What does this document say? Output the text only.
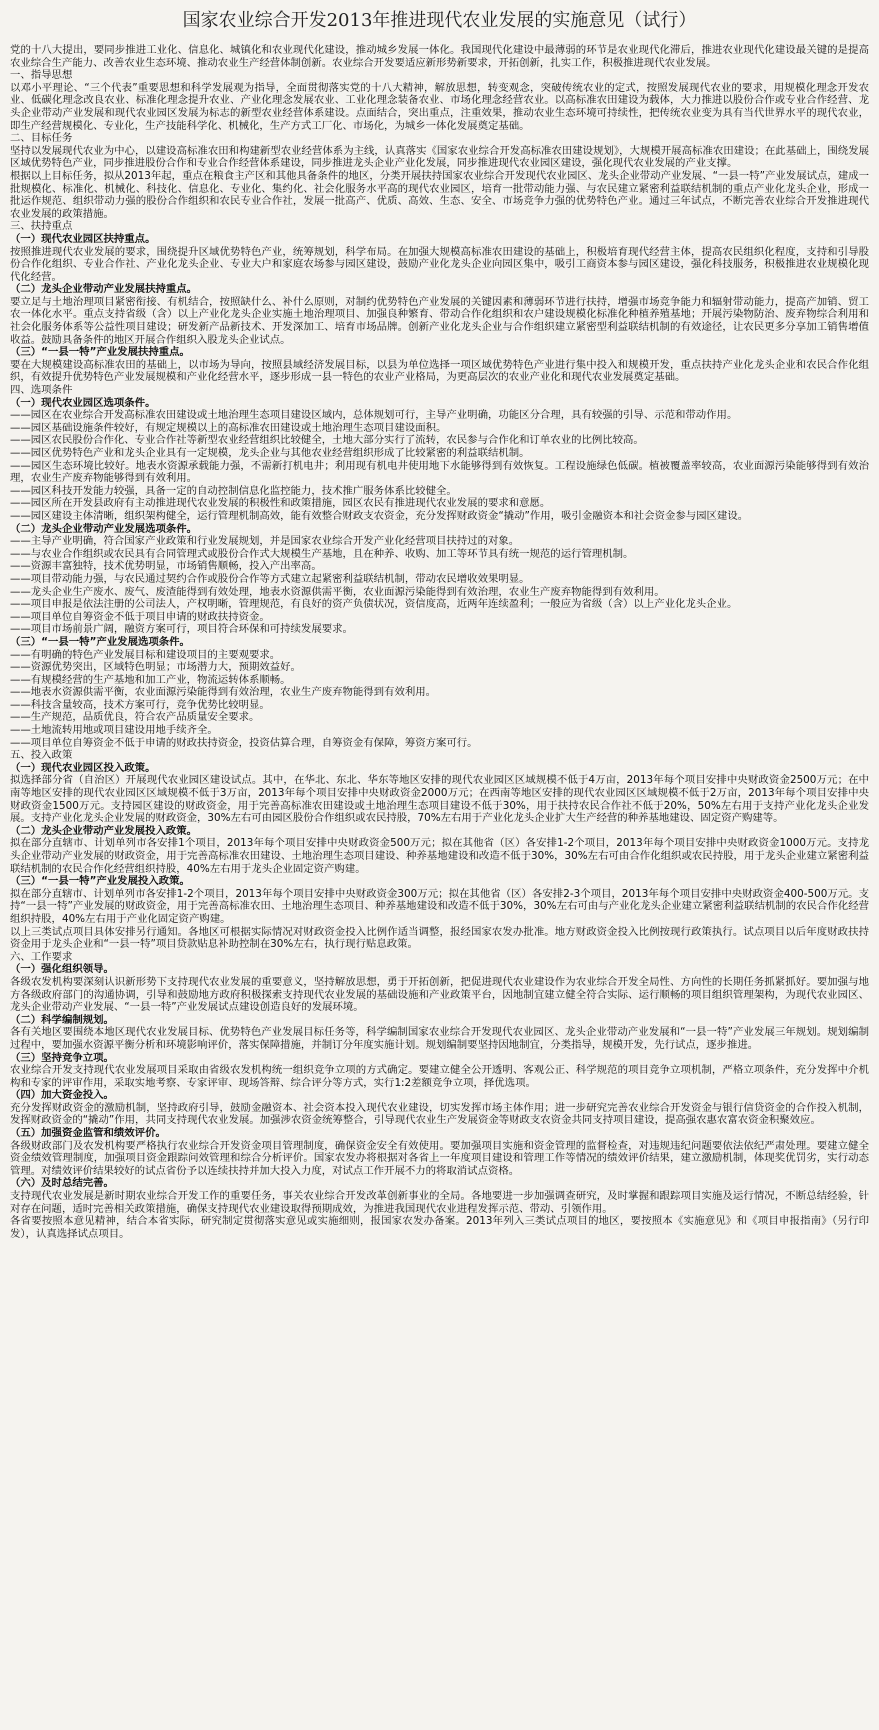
国家农业综合开发2013年推进现代农业发展的实施意见（试行）

党的十八大提出，要同步推进工业化、信息化、城镇化和农业现代化建设，推动城乡发展一体化。我国现代化建设中最薄弱的环节是农业现代化滞后，推进农业现代化建设最关键的是提高农业综合生产能力、改善农业生态环境、推动农业生产经营体制创新。农业综合开发要适应新形势新要求，开拓创新，扎实工作，积极推进现代农业发展。

一、指导思想

以邓小平理论、“三个代表”重要思想和科学发展观为指导，全面贯彻落实党的十八大精神，解放思想，转变观念，突破传统农业的定式，按照发展现代农业的要求，用规模化理念开发农业、低碳化理念改良农业、标准化理念提升农业、产业化理念发展农业、工业化理念装备农业、市场化理念经营农业。以高标准农田建设为载体，大力推进以股份合作或专业合作经营、龙头企业带动产业发展和现代农业园区发展为标志的新型农业经营体系建设。点面结合，突出重点，注重效果，推动农业生态环境可持续性，把传统农业变为具有当代世界水平的现代农业，即生产经营规模化、专业化，生产技能科学化、机械化，生产方式工厂化、市场化，为城乡一体化发展奠定基础。

二、目标任务

坚持以发展现代农业为中心，以建设高标准农田和构建新型农业经营体系为主线，认真落实《国家农业综合开发高标准农田建设规划》，大规模开展高标准农田建设；在此基础上，围绕发展区域优势特色产业，同步推进股份合作和专业合作经营体系建设，同步推进龙头企业产业化发展，同步推进现代农业园区建设，强化现代农业发展的产业支撑。

根据以上目标任务，拟从2013年起，重点在粮食主产区和其他具备条件的地区，分类开展扶持国家农业综合开发现代农业园区、龙头企业带动产业发展、“一县一特”产业发展试点，建成一批规模化、标准化、机械化、科技化、信息化、专业化、集约化、社会化服务水平高的现代农业园区，培育一批带动能力强、与农民建立紧密利益联结机制的重点产业化龙头企业，形成一批运作规范、组织带动力强的股份合作组织和农民专业合作社，发展一批高产、优质、高效、生态、安全、市场竞争力强的优势特色产业。通过三年试点，不断完善农业综合开发推进现代农业发展的政策措施。

三、扶持重点

（一）现代农业园区扶持重点。

按照推进现代农业发展的要求，围绕提升区域优势特色产业，统筹规划，科学布局。在加强大规模高标准农田建设的基础上，积极培育现代经营主体，提高农民组织化程度，支持和引导股份合作化组织、专业合作社、产业化龙头企业、专业大户和家庭农场参与园区建设，鼓励产业化龙头企业向园区集中，吸引工商资本参与园区建设，强化科技服务，积极推进农业规模化现代化经营。

（二）龙头企业带动产业发展扶持重点。

要立足与土地治理项目紧密衔接、有机结合，按照缺什么、补什么原则，对制约优势特色产业发展的关键因素和薄弱环节进行扶持，增强市场竞争能力和辐射带动能力，提高产加销、贸工农一体化水平。重点支持省级（含）以上产业化龙头企业实施土地治理项目、加强良种繁育、带动合作化组织和农户建设规模化标准化种植养殖基地；开展污染物防治、废弃物综合利用和社会化服务体系等公益性项目建设；研发新产品新技术、开发深加工、培育市场品牌。创新产业化龙头企业与合作组织建立紧密型利益联结机制的有效途径，让农民更多分享加工销售增值收益。鼓励具备条件的地区开展合作组织入股龙头企业试点。

（三）“一县一特”产业发展扶持重点。

要在大规模建设高标准农田的基础上，以市场为导向，按照县域经济发展目标，以县为单位选择一项区域优势特色产业进行集中投入和规模开发，重点扶持产业化龙头企业和农民合作化组织，有效提升优势特色产业发展规模和产业化经营水平，逐步形成一县一特色的农业产业格局，为更高层次的农业产业化和现代农业发展奠定基础。

四、选项条件

（一）现代农业园区选项条件。

——园区在农业综合开发高标准农田建设或土地治理生态项目建设区域内，总体规划可行，主导产业明确，功能区分合理，具有较强的引导、示范和带动作用。

——园区基础设施条件较好，有规定规模以上的高标准农田建设或土地治理生态项目建设面积。

——园区农民股份合作化、专业合作社等新型农业经营组织比较健全，土地大部分实行了流转，农民参与合作化和订单农业的比例比较高。

——园区优势特色产业和龙头企业具有一定规模，龙头企业与其他农业经营组织形成了比较紧密的利益联结机制。

——园区生态环境比较好。地表水资源承载能力强，不需新打机电井；利用现有机电井使用地下水能够得到有效恢复。工程设施绿色低碳。植被覆盖率较高，农业面源污染能够得到有效治理，农业生产废弃物能够得到有效利用。

——园区科技开发能力较强，具备一定的自动控制信息化监控能力，技术推广服务体系比较健全。

——园区所在开发县政府有主动推进现代农业发展的积极性和政策措施，园区农民有推进现代农业发展的要求和意愿。

——园区建设主体清晰，组织架构健全，运行管理机制高效，能有效整合财政支农资金，充分发挥财政资金“撬动”作用，吸引金融资本和社会资金参与园区建设。

（二）龙头企业带动产业发展选项条件。

——主导产业明确，符合国家产业政策和行业发展规划，并是国家农业综合开发产业化经营项目扶持过的对象。

——与农业合作组织或农民具有合同管理式或股份合作式大规模生产基地，且在种养、收购、加工等环节具有统一规范的运行管理机制。

——资源丰富独特，技术优势明显，市场销售顺畅，投入产出率高。

——项目带动能力强，与农民通过契约合作或股份合作等方式建立起紧密利益联结机制，带动农民增收效果明显。

——龙头企业生产废水、废气、废渣能得到有效处理，地表水资源供需平衡，农业面源污染能得到有效治理，农业生产废弃物能得到有效利用。

——项目申报是依法注册的公司法人，产权明晰，管理规范，有良好的资产负债状况，资信度高，近两年连续盈利；一般应为省级（含）以上产业化龙头企业。

——项目单位自筹资金不低于项目申请的财政扶持资金。

——项目市场前景广阔，融资方案可行，项目符合环保和可持续发展要求。

（三）“一县一特”产业发展选项条件。

——有明确的特色产业发展目标和建设项目的主要观要求。

——资源优势突出，区域特色明显；市场潜力大，预期效益好。

——有规模经营的生产基地和加工产业，物流运转体系顺畅。

——地表水资源供需平衡，农业面源污染能得到有效治理，农业生产废弃物能得到有效利用。

——科技含量较高，技术方案可行，竞争优势比较明显。

——生产规范，品质优良，符合农产品质量安全要求。

——土地流转用地或项目建设用地手续齐全。

——项目单位自筹资金不低于申请的财政扶持资金，投资估算合理，自筹资金有保障，筹资方案可行。

五、投入政策

（一）现代农业园区投入政策。

拟选择部分省（自治区）开展现代农业园区建设试点。其中，在华北、东北、华东等地区安排的现代农业园区区域规模不低于4万亩，2013年每个项目安排中央财政资金2500万元；在中南等地区安排的现代农业园区区域规模不低于3万亩，2013年每个项目安排中央财政资金2000万元；在西南等地区安排的现代农业园区区域规模不低于2万亩，2013年每个项目安排中央财政资金1500万元。支持园区建设的财政资金，用于完善高标准农田建设或土地治理生态项目建设不低于30%，用于扶持农民合作社不低于20%，50%左右用于支持产业化龙头企业发展。支持产业化龙头企业发展的财政资金，30%左右可由园区股份合作组织或农民持股，70%左右用于产业化龙头企业扩大生产经营的种养基地建设、固定资产购建等。

（二）龙头企业带动产业发展投入政策。

拟在部分直辖市、计划单列市各安排1个项目，2013年每个项目安排中央财政资金500万元；拟在其他省（区）各安排1-2个项目，2013年每个项目安排中央财政资金1000万元。支持龙头企业带动产业发展的财政资金，用于完善高标准农田建设、土地治理生态项目建设、种养基地建设和改造不低于30%，30%左右可由合作化组织或农民持股，用于龙头企业建立紧密利益联结机制的农民合作化经营组织持股，40%左右用于龙头企业固定资产购建。

（三）“一县一特”产业发展投入政策。

拟在部分直辖市、计划单列市各安排1-2个项目，2013年每个项目安排中央财政资金300万元；拟在其他省（区）各安排2-3个项目，2013年每个项目安排中央财政资金400-500万元。支持“一县一特”产业发展的财政资金，用于完善高标准农田、土地治理生态项目、种养基地建设和改造不低于30%，30%左右可由与产业化龙头企业建立紧密利益联结机制的农民合作化经营组织持股，40%左右用于产业化固定资产购建。

以上三类试点项目具体安排另行通知。各地区可根据实际情况对财政资金投入比例作适当调整，报经国家农发办批准。地方财政资金投入比例按现行政策执行。试点项目以后年度财政扶持资金用于龙头企业和“一县一特”项目贷款贴息补助控制在30%左右，执行现行贴息政策。

六、工作要求

（一）强化组织领导。

各级农发机构要深刻认识新形势下支持现代农业发展的重要意义，坚持解放思想，勇于开拓创新，把促进现代农业建设作为农业综合开发全局性、方向性的长期任务抓紧抓好。要加强与地方各级政府部门的沟通协调，引导和鼓励地方政府积极探索支持现代农业发展的基础设施和产业政策平台，因地制宜建立健全符合实际、运行顺畅的项目组织管理架构，为现代农业园区、龙头企业带动产业发展、“一县一特”产业发展试点建设创造良好的发展环境。

（二）科学编制规划。

各有关地区要围绕本地区现代农业发展目标、优势特色产业发展目标任务等，科学编制国家农业综合开发现代农业园区、龙头企业带动产业发展和“一县一特”产业发展三年规划。规划编制过程中，要加强水资源平衡分析和环境影响评价，落实保障措施，并制订分年度实施计划。规划编制要坚持因地制宜，分类指导，规模开发，先行试点，逐步推进。

（三）坚持竞争立项。

农业综合开发支持现代农业发展项目采取由省级农发机构统一组织竞争立项的方式确定。要建立健全公开透明、客观公正、科学规范的项目竞争立项机制，严格立项条件，充分发挥中介机构和专家的评审作用，采取实地考察、专家评审、现场答辩、综合评分等方式，实行1:2差额竞争立项，择优选项。

（四）加大资金投入。

充分发挥财政资金的激励机制，坚持政府引导，鼓励金融资本、社会资本投入现代农业建设，切实发挥市场主体作用；进一步研究完善农业综合开发资金与银行信贷资金的合作投入机制，发挥财政资金的“撬动”作用，共同支持现代农业发展。加强涉农资金统筹整合，引导现代农业生产发展资金等财政支农资金共同支持项目建设，提高强农惠农富农资金积聚效应。

（五）加强资金监管和绩效评价。

各级财政部门及农发机构要严格执行农业综合开发资金项目管理制度，确保资金安全有效使用。要加强项目实施和资金管理的监督检查，对违规违纪问题要依法依纪严肃处理。要建立健全资金绩效管理制度，加强项目资金跟踪问效管理和综合分析评价。国家农发办将根据对各省上一年度项目建设和管理工作等情况的绩效评价结果，建立激励机制，体现奖优罚劣，实行动态管理。对绩效评价结果较好的试点省份予以连续扶持并加大投入力度，对试点工作开展不力的将取消试点资格。

（六）及时总结完善。

支持现代农业发展是新时期农业综合开发工作的重要任务，事关农业综合开发改革创新事业的全局。各地要进一步加强调查研究，及时掌握和跟踪项目实施及运行情况，不断总结经验，针对存在问题，适时完善相关政策措施，确保支持现代农业建设取得预期成效，为推进我国现代农业进程发挥示范、带动、引领作用。

各省要按照本意见精神，结合本省实际，研究制定贯彻落实意见或实施细则，报国家农发办备案。2013年列入三类试点项目的地区，要按照本《实施意见》和《项目申报指南》（另行印发），认真选择试点项目。
